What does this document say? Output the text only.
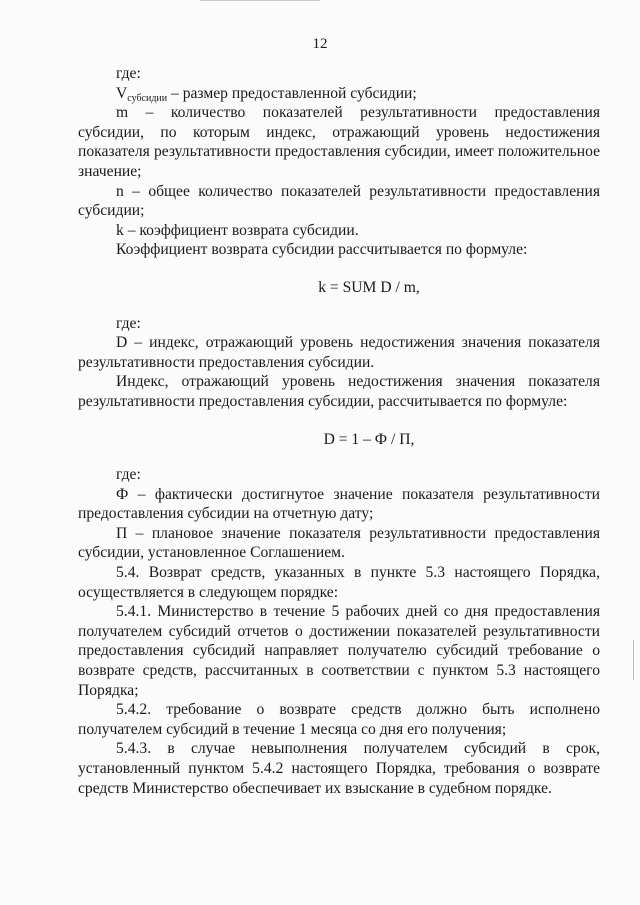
12

где:

$V_{субсидии}$ – размер предоставленной субсидии;

m – количество показателей результативности предоставления субсидии, по которым индекс, отражающий уровень недостижения показателя результативности предоставления субсидии, имеет положительное значение;

n – общее количество показателей результативности предоставления субсидии;

k – коэффициент возврата субсидии.

Коэффициент возврата субсидии рассчитывается по формуле:

k = SUM D / m,

где:

D – индекс, отражающий уровень недостижения значения показателя результативности предоставления субсидии.

Индекс, отражающий уровень недостижения значения показателя результативности предоставления субсидии, рассчитывается по формуле:

D = 1 – Ф / П,

где:

Ф – фактически достигнутое значение показателя результативности предоставления субсидии на отчетную дату;

П – плановое значение показателя результативности предоставления субсидии, установленное Соглашением.

5.4. Возврат средств, указанных в пункте 5.3 настоящего Порядка, осуществляется в следующем порядке:

5.4.1. Министерство в течение 5 рабочих дней со дня предоставления получателем субсидий отчетов о достижении показателей результативности предоставления субсидий направляет получателю субсидий требование о возврате средств, рассчитанных в соответствии с пунктом 5.3 настоящего Порядка;

5.4.2. требование о возврате средств должно быть исполнено получателем субсидий в течение 1 месяца со дня его получения;

5.4.3. в случае невыполнения получателем субсидий в срок, установленный пунктом 5.4.2 настоящего Порядка, требования о возврате средств Министерство обеспечивает их взыскание в судебном порядке.
